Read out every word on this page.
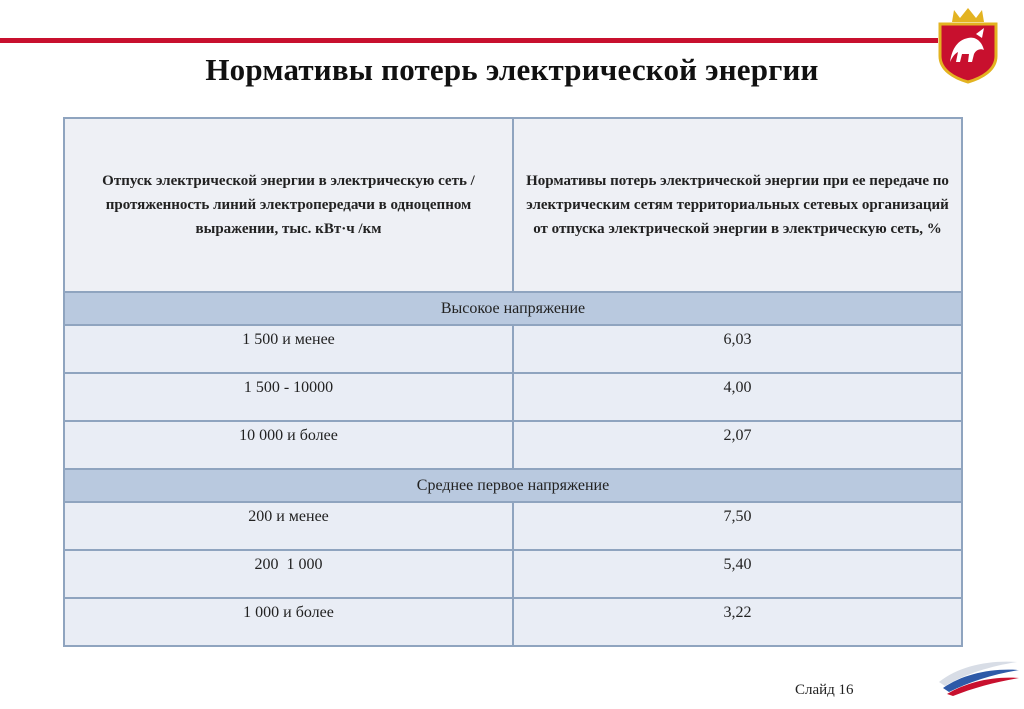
Нормативы потерь электрической энергии
Отпуск электрической энергии в электрическую сеть / протяженность линий электропередачи в одноцепном выражении, тыс. кВт·ч /км	Нормативы потерь электрической энергии при ее передаче по электрическим сетям территориальных сетевых организаций от отпуска электрической энергии в электрическую сеть, %
Высокое напряжение	
1 500 и менее	6,03
1 500 - 10000	4,00
10 000 и более	2,07
Среднее первое напряжение	
200 и менее	7,50
200  1 000	5,40
1 000 и более	3,22
Слайд 16
